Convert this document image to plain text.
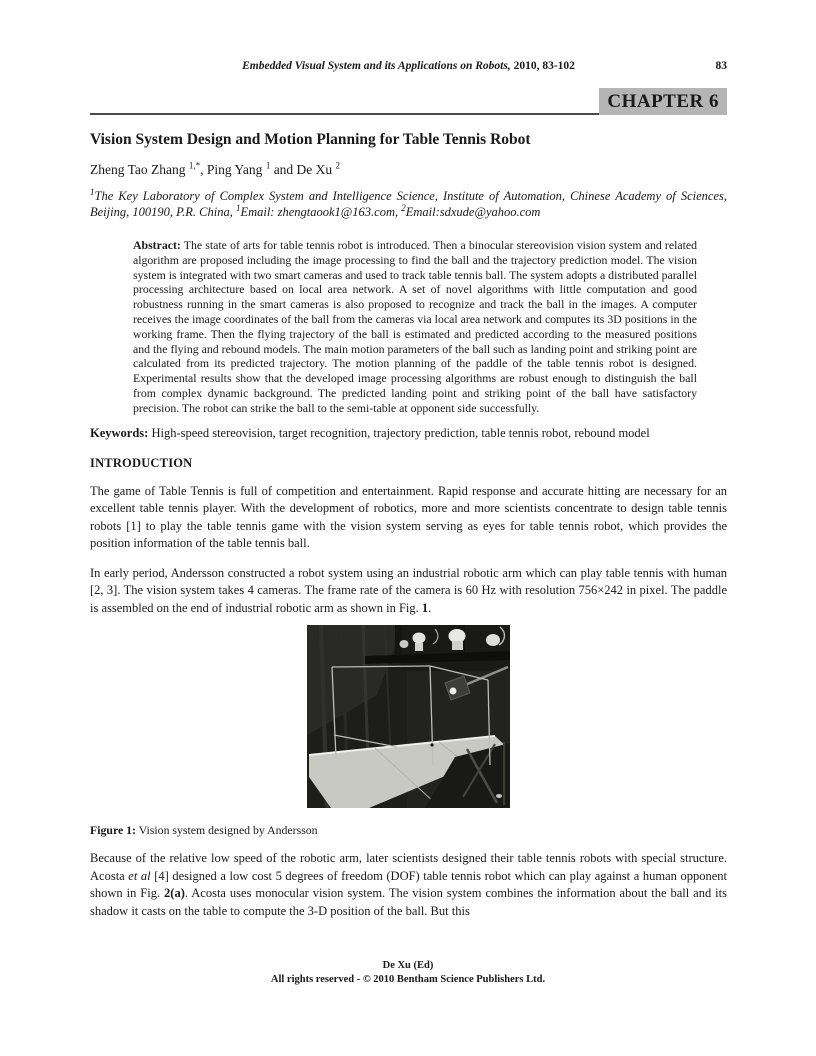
Embedded Visual System and its Applications on Robots, 2010, 83-102	83
CHAPTER 6
Vision System Design and Motion Planning for Table Tennis Robot
Zheng Tao Zhang $^{1,*}$, Ping Yang $^1$ and De Xu $^2$
$^1$The Key Laboratory of Complex System and Intelligence Science, Institute of Automation, Chinese Academy of Sciences, Beijing, 100190, P.R. China, $^1$Email: zhengtaook1@163.com, $^2$Email:sdxude@yahoo.com
Abstract: The state of arts for table tennis robot is introduced. Then a binocular stereovision vision system and related algorithm are proposed including the image processing to find the ball and the trajectory prediction model. The vision system is integrated with two smart cameras and used to track table tennis ball. The system adopts a distributed parallel processing architecture based on local area network. A set of novel algorithms with little computation and good robustness running in the smart cameras is also proposed to recognize and track the ball in the images. A computer receives the image coordinates of the ball from the cameras via local area network and computes its 3D positions in the working frame. Then the flying trajectory of the ball is estimated and predicted according to the measured positions and the flying and rebound models. The main motion parameters of the ball such as landing point and striking point are calculated from its predicted trajectory. The motion planning of the paddle of the table tennis robot is designed. Experimental results show that the developed image processing algorithms are robust enough to distinguish the ball from complex dynamic background. The predicted landing point and striking point of the ball have satisfactory precision. The robot can strike the ball to the semi-table at opponent side successfully.
Keywords: High-speed stereovision, target recognition, trajectory prediction, table tennis robot, rebound model
INTRODUCTION
The game of Table Tennis is full of competition and entertainment. Rapid response and accurate hitting are necessary for an excellent table tennis player. With the development of robotics, more and more scientists concentrate to design table tennis robots [1] to play the table tennis game with the vision system serving as eyes for table tennis robot, which provides the position information of the table tennis ball.
In early period, Andersson constructed a robot system using an industrial robotic arm which can play table tennis with human [2, 3]. The vision system takes 4 cameras. The frame rate of the camera is 60 Hz with resolution 756×242 in pixel. The paddle is assembled on the end of industrial robotic arm as shown in Fig. 1.
Figure 1: Vision system designed by Andersson
Because of the relative low speed of the robotic arm, later scientists designed their table tennis robots with special structure. Acosta et al [4] designed a low cost 5 degrees of freedom (DOF) table tennis robot which can play against a human opponent shown in Fig. 2(a). Acosta uses monocular vision system. The vision system combines the information about the ball and its shadow it casts on the table to compute the 3-D position of the ball. But this
De Xu (Ed)
All rights reserved - © 2010 Bentham Science Publishers Ltd.
